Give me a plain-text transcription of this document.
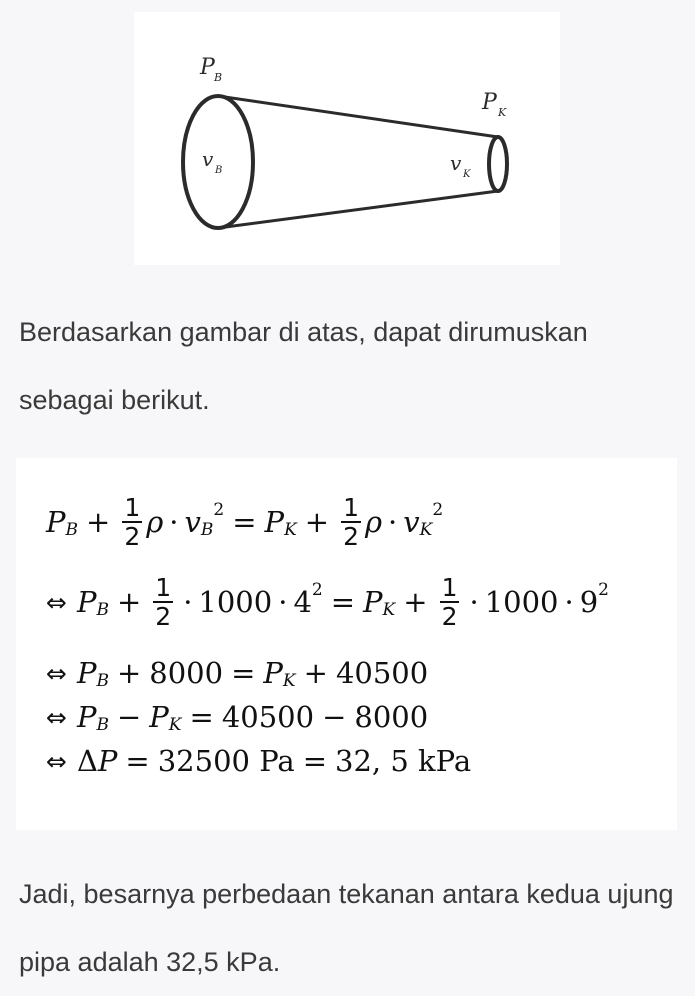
P B
P K
v B	v K

Berdasarkan gambar di atas, dapat dirumuskan sebagai berikut.

P $B + \frac{1}{2}$ ρ · v B
2 = P $K + \frac{1}{2}$ ρ · v K
2
⇔ P $B + \frac{1}{2} \cdot 1000 \cdot 4$ 2 = P $K + \frac{1}{2} \cdot 1000 \cdot 9$ 2
⇔ P B + 8000 = P K + 40500
⇔ P B − P K = 40500 − 8000
⇔ Δ P = 32500
Pa = 32, 5
kPa

Jadi, besarnya perbedaan tekanan antara kedua ujung pipa adalah 32,5 kPa.
